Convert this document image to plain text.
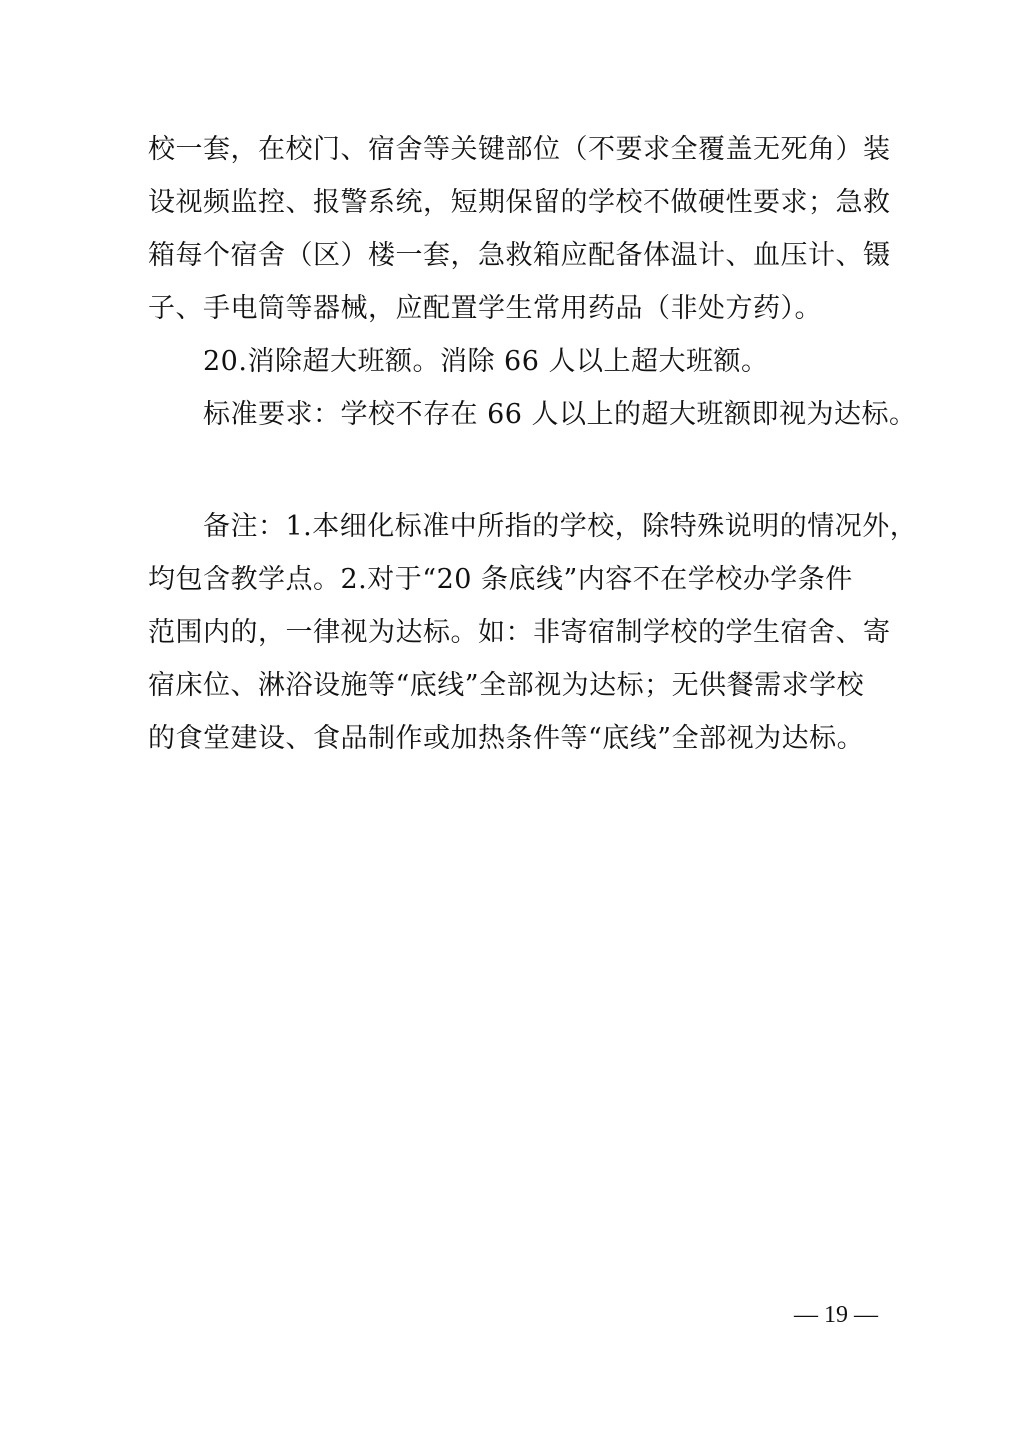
校一套，在校门、宿舍等关键部位（不要求全覆盖无死角）装
设视频监控、报警系统，短期保留的学校不做硬性要求；急救
箱每个宿舍（区）楼一套，急救箱应配备体温计、血压计、镊
子、手电筒等器械，应配置学生常用药品（非处方药）。
20.消除超大班额。消除 66 人以上超大班额。
标准要求：学校不存在 66 人以上的超大班额即视为达标。
备注：1.本细化标准中所指的学校，除特殊说明的情况外，
均包含教学点。2.对于“20 条底线”内容不在学校办学条件
范围内的，一律视为达标。如：非寄宿制学校的学生宿舍、寄
宿床位、淋浴设施等“底线”全部视为达标；无供餐需求学校
的食堂建设、食品制作或加热条件等“底线”全部视为达标。
— 19 —
